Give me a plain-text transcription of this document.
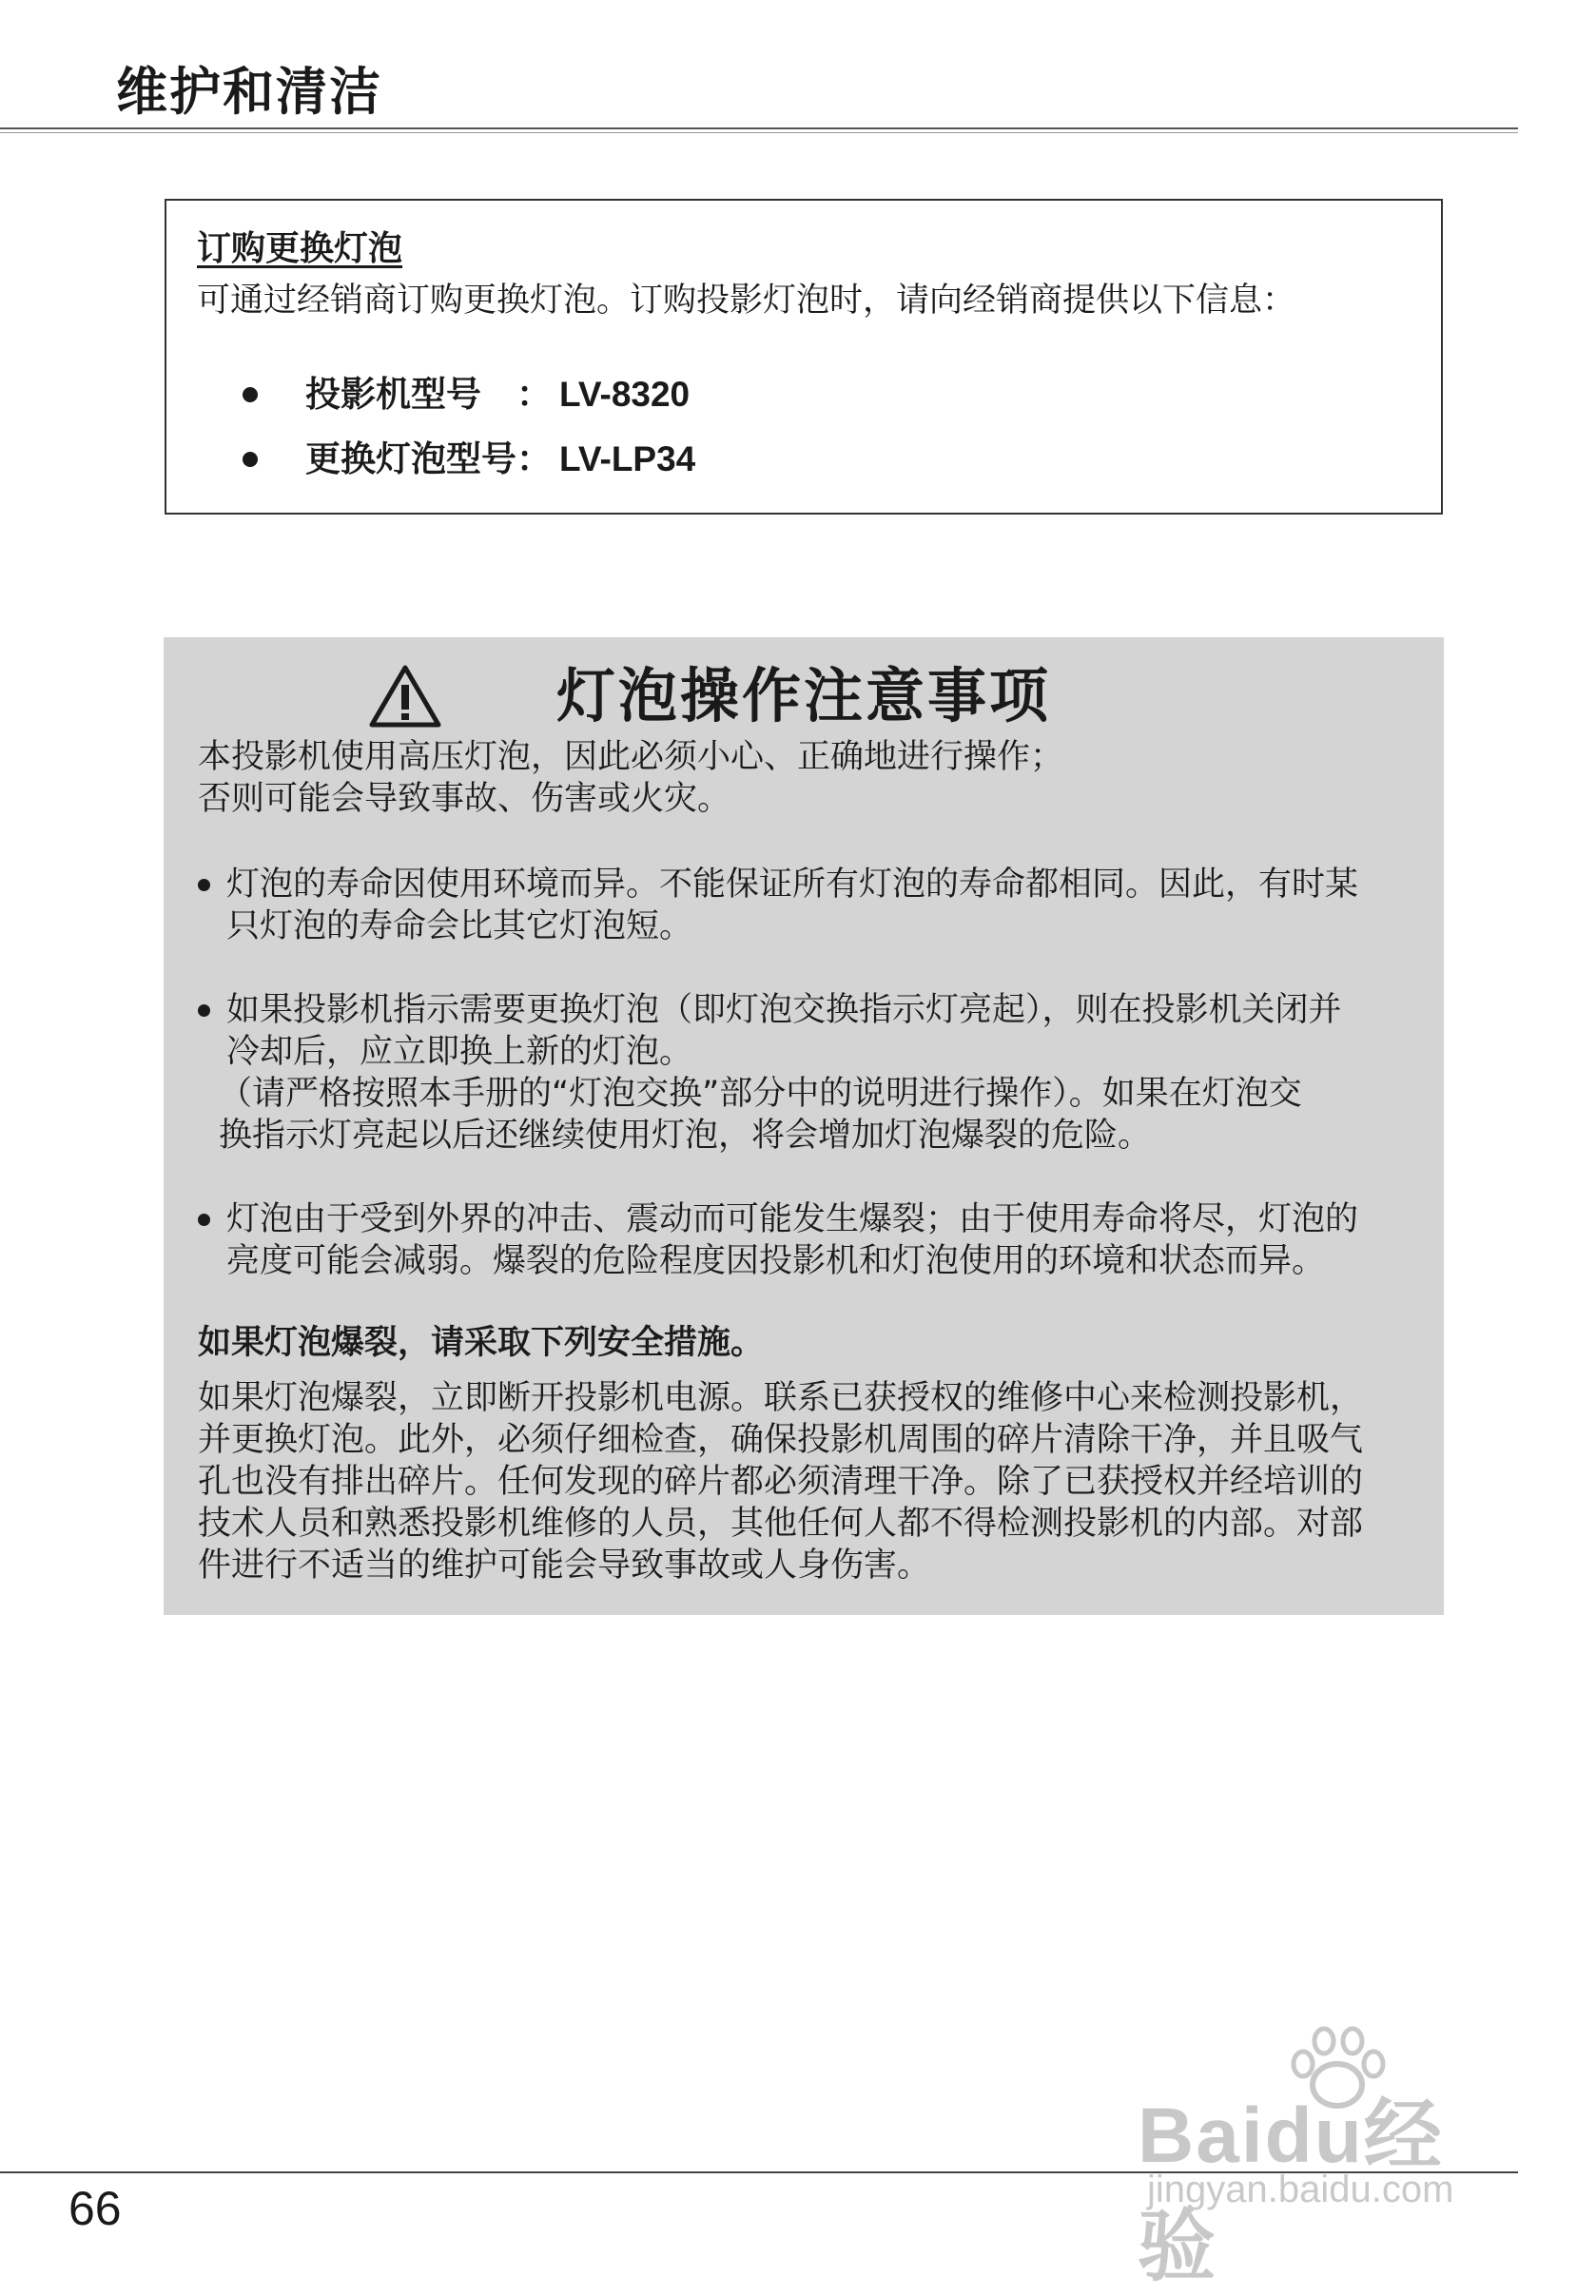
维护和清洁
订购更换灯泡
可通过经销商订购更换灯泡。订购投影灯泡时，请向经销商提供以下信息：
投影机型号　： LV-8320
更换灯泡型号： LV-LP34
灯泡操作注意事项
本投影机使用高压灯泡，因此必须小心、正确地进行操作；
否则可能会导致事故、伤害或火灾。
灯泡的寿命因使用环境而异。不能保证所有灯泡的寿命都相同。因此，有时某
只灯泡的寿命会比其它灯泡短。
如果投影机指示需要更换灯泡（即灯泡交换指示灯亮起），则在投影机关闭并
冷却后，应立即换上新的灯泡。
（请严格按照本手册的“灯泡交换”部分中的说明进行操作）。如果在灯泡交
换指示灯亮起以后还继续使用灯泡，将会增加灯泡爆裂的危险。
灯泡由于受到外界的冲击、震动而可能发生爆裂；由于使用寿命将尽，灯泡的
亮度可能会减弱。爆裂的危险程度因投影机和灯泡使用的环境和状态而异。
如果灯泡爆裂，请采取下列安全措施。
如果灯泡爆裂，立即断开投影机电源。联系已获授权的维修中心来检测投影机，
并更换灯泡。此外，必须仔细检查，确保投影机周围的碎片清除干净，并且吸气
孔也没有排出碎片。任何发现的碎片都必须清理干净。除了已获授权并经培训的
技术人员和熟悉投影机维修的人员，其他任何人都不得检测投影机的内部。对部
件进行不适当的维护可能会导致事故或人身伤害。
Baidu经验
jingyan.baidu.com
66
